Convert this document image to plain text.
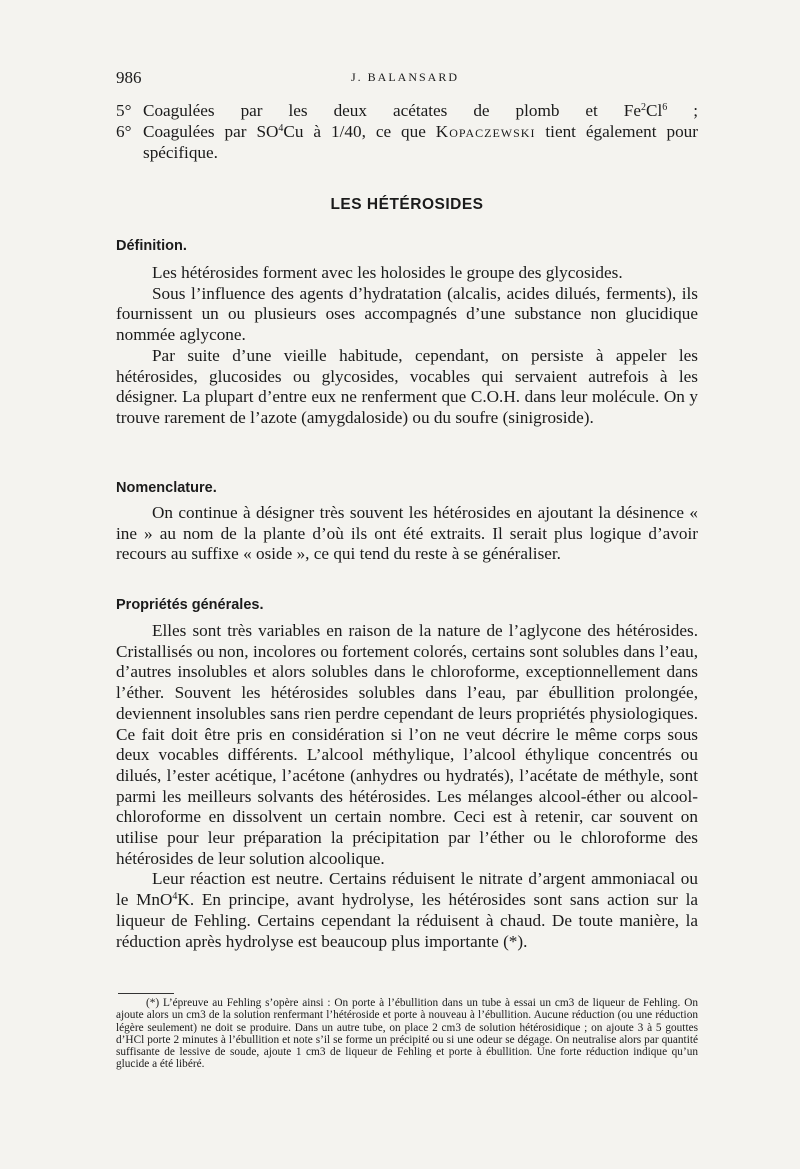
986	J. BALANSARD
5° Coagulées par les deux acétates de plomb et Fe$^2$Cl$^6$ ;
6° Coagulées par $SO^4Cu$ à 1/40, ce que Kopaczewski tient également pour spécifique.
LES HÉTÉROSIDES
Définition.

Les hétérosides forment avec les holosides le groupe des glycosides.

Sous l’influence des agents d’hydratation (alcalis, acides dilués, ferments), ils fournissent un ou plusieurs oses accompagnés d’une substance non glucidique nommée aglycone.

Par suite d’une vieille habitude, cependant, on persiste à appeler les hétérosides, glucosides ou glycosides, vocables qui servaient autrefois à les désigner. La plupart d’entre eux ne renferment que C.O.H. dans leur molécule. On y trouve rarement de l’azote (amygdaloside) ou du soufre (sinigroside).

Nomenclature.

On continue à désigner très souvent les hétérosides en ajoutant la désinence « ine » au nom de la plante d’où ils ont été extraits. Il serait plus logique d’avoir recours au suffixe « oside », ce qui tend du reste à se généraliser.

Propriétés générales.

Elles sont très variables en raison de la nature de l’aglycone des hétérosides. Cristallisés ou non, incolores ou fortement colorés, certains sont solubles dans l’eau, d’autres insolubles et alors solubles dans le chloroforme, exceptionnellement dans l’éther. Souvent les hétérosides solubles dans l’eau, par ébullition prolongée, deviennent insolubles sans rien perdre cependant de leurs propriétés physiologiques. Ce fait doit être pris en considération si l’on ne veut décrire le même corps sous deux vocables différents. L’alcool méthylique, l’alcool éthylique concentrés ou dilués, l’ester acétique, l’acétone (anhydres ou hydratés), l’acétate de méthyle, sont parmi les meilleurs solvants des hétérosides. Les mélanges alcool-éther ou alcool-chloroforme en dissolvent un certain nombre. Ceci est à retenir, car souvent on utilise pour leur préparation la précipitation par l’éther ou le chloroforme des hétérosides de leur solution alcoolique.

Leur réaction est neutre. Certains réduisent le nitrate d’argent ammoniacal ou le MnO$^4$K. En principe, avant hydrolyse, les hétérosides sont sans action sur la liqueur de Fehling. Certains cependant la réduisent à chaud. De toute manière, la réduction après hydrolyse est beaucoup plus importante (*).

(*) L’épreuve au Fehling s’opère ainsi : On porte à l’ébullition dans un tube à essai un cm3 de liqueur de Fehling. On ajoute alors un cm3 de la solution renfermant l’hétéroside et porte à nouveau à l’ébullition. Aucune réduction (ou une réduction légère seulement) ne doit se produire. Dans un autre tube, on place 2 cm3 de solution hétérosidique ; on ajoute 3 à 5 gouttes d’HCl porte 2 minutes à l’ébullition et note s’il se forme un précipité ou si une odeur se dégage. On neutralise alors par quantité suffisante de lessive de soude, ajoute 1 cm3 de liqueur de Fehling et porte à ébullition. Une forte réduction indique qu’un glucide a été libéré.
